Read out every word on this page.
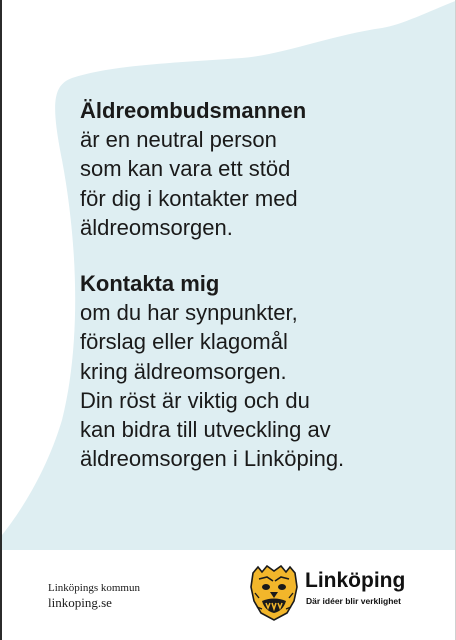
Äldreombudsmannen

är en neutral person
som kan vara ett stöd
för dig i kontakter med
äldreomsorgen.

Kontakta mig

om du har synpunkter,
förslag eller klagomål
kring äldreomsorgen.
Din röst är viktig och du
kan bidra till utveckling av
äldreomsorgen i Linköping.

Linköpings kommun
linkoping.se
Linköping
Där idéer blir verklighet
